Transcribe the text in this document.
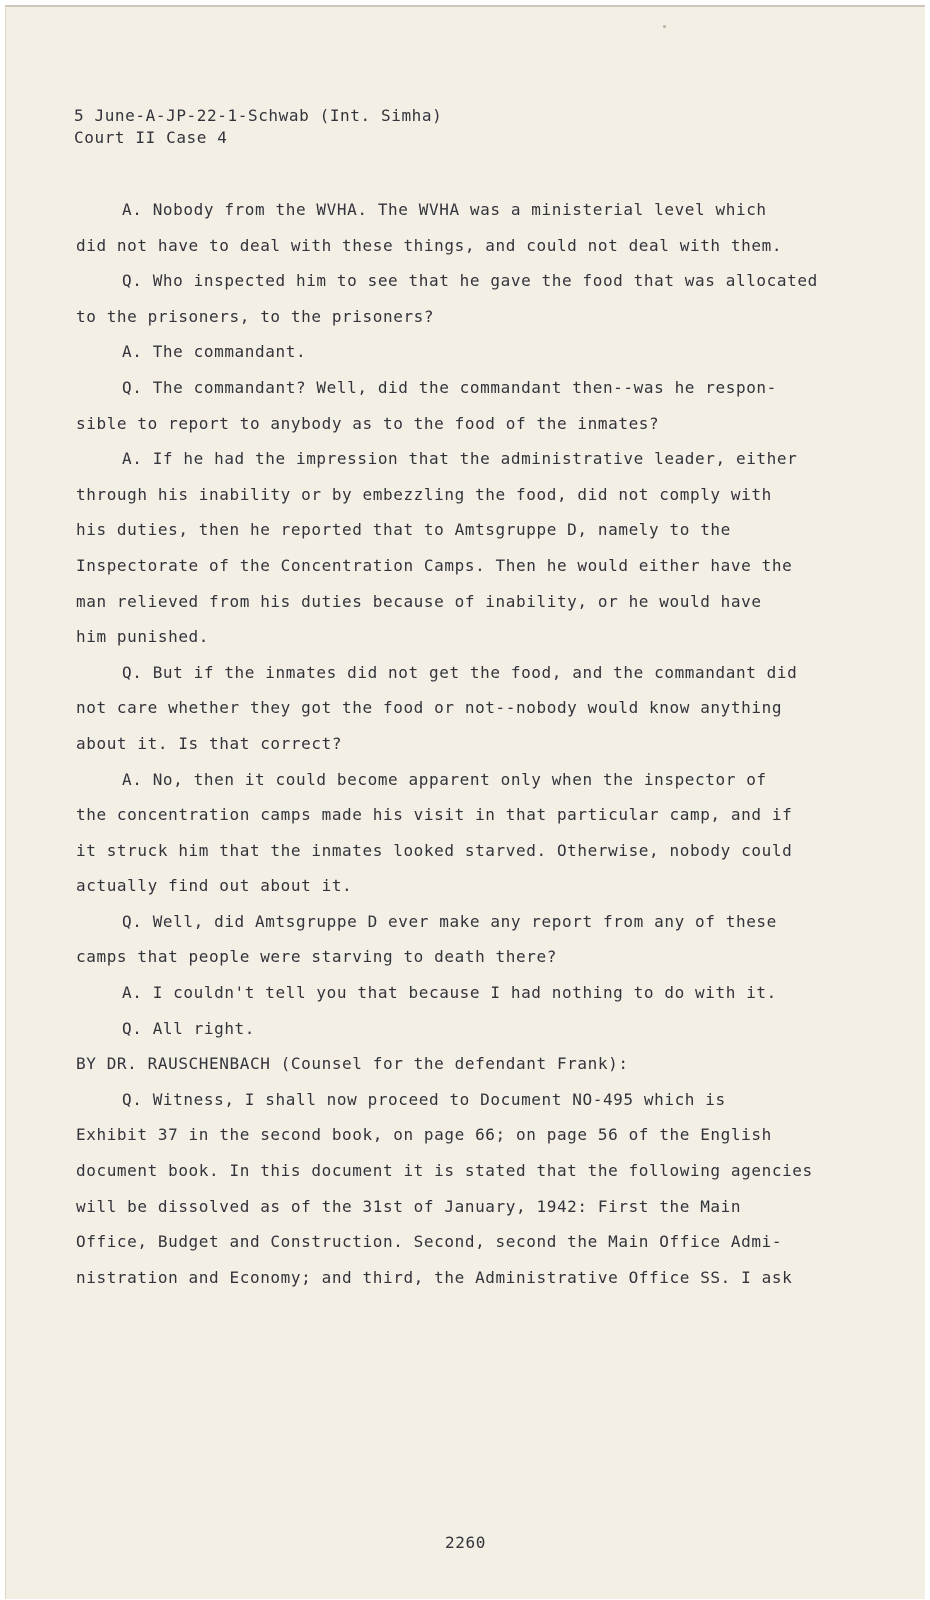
5 June-A-JP-22-1-Schwab (Int. Simha)
Court II Case 4
A. Nobody from the WVHA. The WVHA was a ministerial level which
did not have to deal with these things, and could not deal with them.
Q. Who inspected him to see that he gave the food that was allocated
to the prisoners, to the prisoners?
A. The commandant.
Q. The commandant? Well, did the commandant then--was he respon-
sible to report to anybody as to the food of the inmates?
A. If he had the impression that the administrative leader, either
through his inability or by embezzling the food, did not comply with
his duties, then he reported that to Amtsgruppe D, namely to the
Inspectorate of the Concentration Camps. Then he would either have the
man relieved from his duties because of inability, or he would have
him punished.
Q. But if the inmates did not get the food, and the commandant did
not care whether they got the food or not--nobody would know anything
about it. Is that correct?
A. No, then it could become apparent only when the inspector of
the concentration camps made his visit in that particular camp, and if
it struck him that the inmates looked starved. Otherwise, nobody could
actually find out about it.
Q. Well, did Amtsgruppe D ever make any report from any of these
camps that people were starving to death there?
A. I couldn't tell you that because I had nothing to do with it.
Q. All right.
BY DR. RAUSCHENBACH (Counsel for the defendant Frank):
Q. Witness, I shall now proceed to Document NO-495 which is
Exhibit 37 in the second book, on page 66; on page 56 of the English
document book. In this document it is stated that the following agencies
will be dissolved as of the 31st of January, 1942: First the Main
Office, Budget and Construction. Second, second the Main Office Admi-
nistration and Economy; and third, the Administrative Office SS. I ask
2260
